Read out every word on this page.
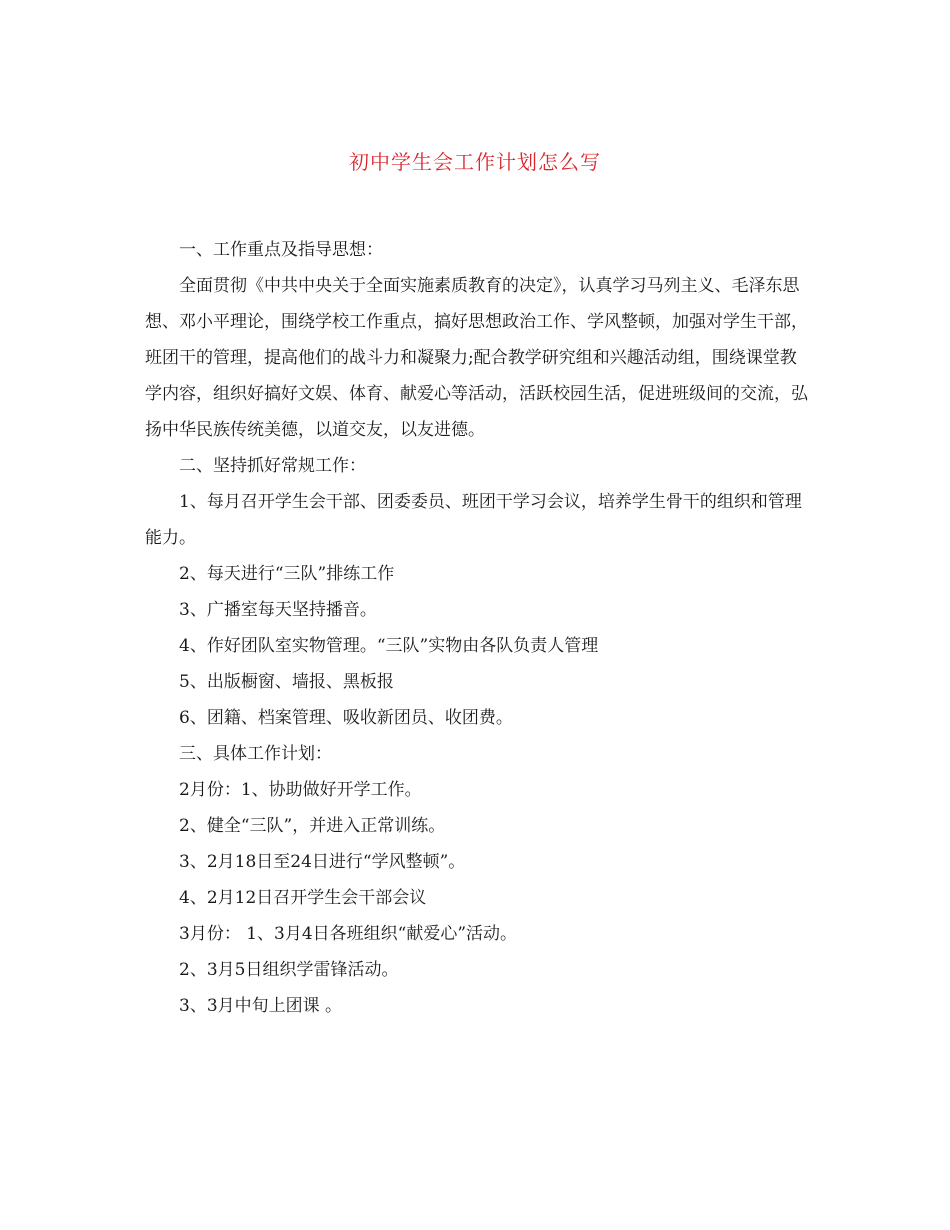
初中学生会工作计划怎么写

一、工作重点及指导思想：

全面贯彻《中共中央关于全面实施素质教育的决定》，认真学习马列主义、毛泽东思想、邓小平理论，围绕学校工作重点，搞好思想政治工作、学风整顿，加强对学生干部，班团干的管理，提高他们的战斗力和凝聚力;配合教学研究组和兴趣活动组，围绕课堂教学内容，组织好搞好文娱、体育、献爱心等活动，活跃校园生活，促进班级间的交流，弘扬中华民族传统美德，以道交友，以友进德。

二、坚持抓好常规工作：

1、每月召开学生会干部、团委委员、班团干学习会议，培养学生骨干的组织和管理能力。

2、每天进行“三队”排练工作

3、广播室每天坚持播音。

4、作好团队室实物管理。“三队”实物由各队负责人管理

5、出版橱窗、墙报、黑板报

6、团籍、档案管理、吸收新团员、收团费。

三、具体工作计划：

2月份：1、协助做好开学工作。

2、健全“三队”，并进入正常训练。

3、2月18日至24日进行“学风整顿”。

4、2月12日召开学生会干部会议

3月份： 1、3月4日各班组织“献爱心”活动。

2、3月5日组织学雷锋活动。

3、3月中旬上团课 。
